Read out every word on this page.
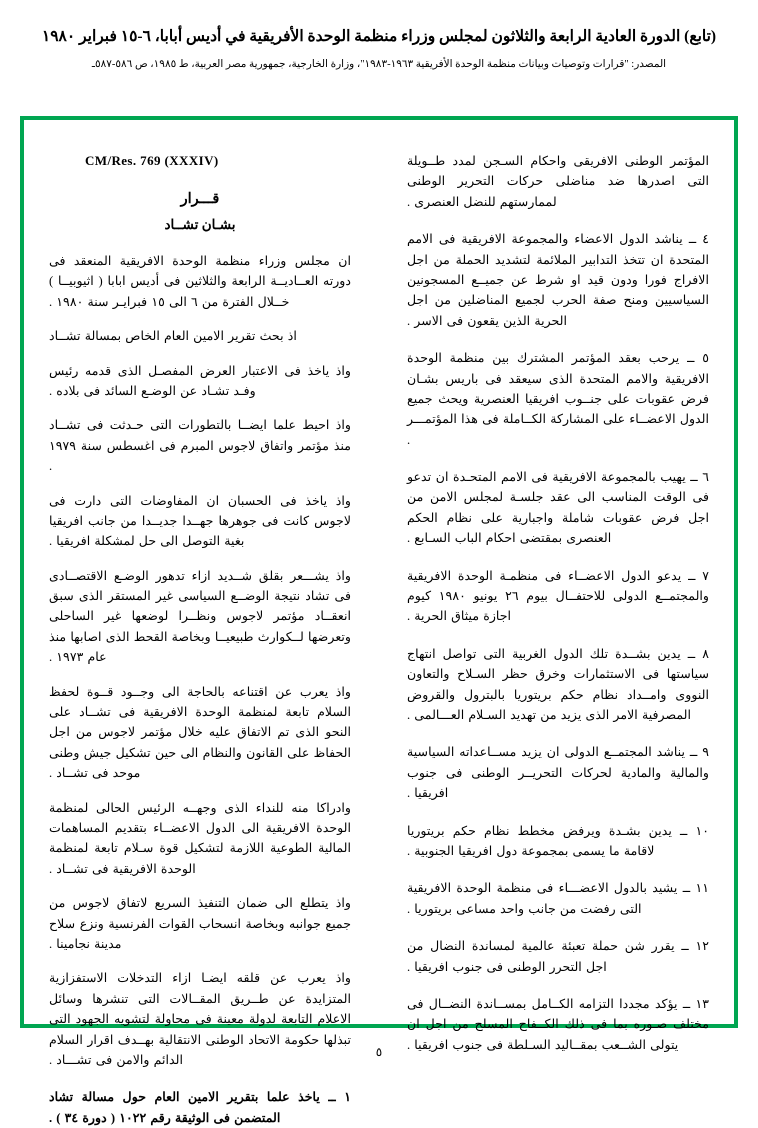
(تابع) الدورة العادية الرابعة والثلاثون لمجلس وزراء منظمة الوحدة الأفريقية في أديس أبابا، ٦-١٥ فبراير ١٩٨٠
المصدر: "قرارات وتوصيات وبيانات منظمة الوحدة الأفريقية ١٩٦٣-١٩٨٣"، وزارة الخارجية، جمهورية مصر العربية، ط ١٩٨٥، ص ٥٨٦-٥٨٧ـ
CM/Res. 769 (XXXIV)
قـــرار
بشـان تشــاد

ان مجلس وزراء منظمة الوحدة الافريقية المنعقد فى دورته العــاديــة الرابعة والثلاثين فى أديس ابابا ( اثيوبيــا ) خــلال الفترة من ٦ الى ١٥ فبرايـر سنة ١٩٨٠ .

اذ بحث تقرير الامين العام الخاص بمسالة تشــاد

واذ ياخذ فى الاعتبار العرض المفصـل الذى قدمه رئيس وفـد تشـاد عن الوضـع السائد فى بلاده .

واذ احيط علما ايضــا بالتطورات التى حـدثت فى تشــاد منذ مؤتمر واتفاق لاجوس المبرم فى اغسطس سنة ١٩٧٩ .

واذ ياخذ فى الحسبان ان المفاوضات التى دارت فى لاجوس كانت فى جوهرها جهــدا جديــدا من جانب افريقيا بغية التوصل الى حل لمشكلة افريقيا .

واذ يشـــعر بقلق شــديد ازاء تدهور الوضـع الاقتصــادى فى تشاد نتيجة الوضــع السياسى غير المستقر الذى سبق انعقــاد مؤتمر لاجوس ونظــرا لوضعها غير الساحلى وتعرضها لــكوارث طبيعيــا وبخاصة القحط الذى اصابها منذ عام ١٩٧٣ .

واذ يعرب عن اقتناعه بالحاجة الى وجــود قــوة لحفظ السلام تابعة لمنظمة الوحدة الافريقية فى تشــاد على النحو الذى تم الاتفاق عليه خلال مؤتمر لاجوس من اجل الحفاظ على القانون والنظام الى حين تشكيل جيش وطنى موحد فى تشــاد .

وادراكا منه للنداء الذى وجهــه الرئيس الحالى لمنظمة الوحدة الافريقية الى الدول الاعضــاء بتقديم المساهمات المالية الطوعية اللازمة لتشكيل قوة سـلام تابعة لمنظمة الوحدة الافريقية فى تشــاد .

واذ يتطلع الى ضمان التنفيذ السريع لاتفاق لاجوس من جميع جوانبه وبخاصة انسحاب القوات الفرنسية ونزع سلاح مدينة نجامينا .

واذ يعرب عن قلقه ايضـا ازاء التدخلات الاستفزازية المتزايدة عن طــريق المقــالات التى تنشرها وسائل الاعلام التابعة لدولة معينة فى محاولة لتشويه الجهود التى تبذلها حكومة الاتحاد الوطنى الانتقالية بهــدف اقرار السلام الدائم والامن فى تشـــاد .

١ ــ ياخذ علما بتقرير الامين العام حول مسالة تشاد المتضمن فى الوثيقة رقم ١٠٢٢ ( دورة ٣٤ ) .

المؤتمر الوطنى الافريقى واحكام السـجن لمدد طــويلة التى اصدرها ضد مناضلى حركات التحرير الوطنى لممارستهم للنضل العنصرى .

٤ ــ يناشد الدول الاعضاء والمجموعة الافريقية فى الامم المتحدة ان تتخذ التدابير الملائمة لتشديد الحملة من اجل الافراج فورا ودون قيد او شرط عن جميــع المسجونين السياسيين ومنح صفة الحرب لجميع المناضلين من اجل الحرية الذين يقعون فى الاسر .

٥ ــ يرحب بعقد المؤتمر المشترك بين منظمة الوحدة الافريقية والامم المتحدة الذى سيعقد فى باريس بشـان فرض عقوبات على جنــوب افريقيا العنصرية ويحث جميع الدول الاعضــاء على المشاركة الكــاملة فى هذا المؤتمـــر .

٦ ــ يهيب بالمجموعة الافريقية فى الامم المتحـدة ان تدعو فى الوقت المناسب الى عقد جلسـة لمجلس الامن من اجل فرض عقوبات شاملة واجبارية على نظام الحكم العنصرى بمقتضى احكام الباب السـابع .

٧ ــ يدعو الدول الاعضــاء فى منظمـة الوحدة الافريقية والمجتمــع الدولى للاحتفــال بيوم ٢٦ يونيو ١٩٨٠ كيوم اجازة ميثاق الحرية .

٨ ــ يدين بشــدة تلك الدول الغربية التى تواصل انتهاج سياستها فى الاستثمارات وخرق حظر السـلاح والتعاون النووى وامــداد نظام حكم بريتوريا بالبترول والقروض المصرفية الامر الذى يزيد من تهديد السـلام العـــالمى .

٩ ــ يناشد المجتمــع الدولى ان يزيد مســاعداته السياسية والمالية والمادية لحركات التحريــر الوطنى فى جنوب افريقيا .

١٠ ــ يدين بشـدة ويرفض مخطط نظام حكم بريتوريا لاقامة ما يسمى بمجموعة دول افريقيا الجنوبية .

١١ ــ يشيد بالدول الاعضـــاء فى منظمة الوحدة الافريقية التى رفضت من جانب واحد مساعى بريتوريا .

١٢ ــ يقرر شن حملة تعبئة عالمية لمساندة النضال من اجل التحرر الوطنى فى جنوب افريقيا .

١٣ ــ يؤكد مجددا التزامه الكــامل بمســاندة النضــال فى مختلف صـوره بما فى ذلك الكــفاح المسلح من اجل ان يتولى الشــعب بمقــاليد السـلطة فى جنوب افريقيا .

٥
